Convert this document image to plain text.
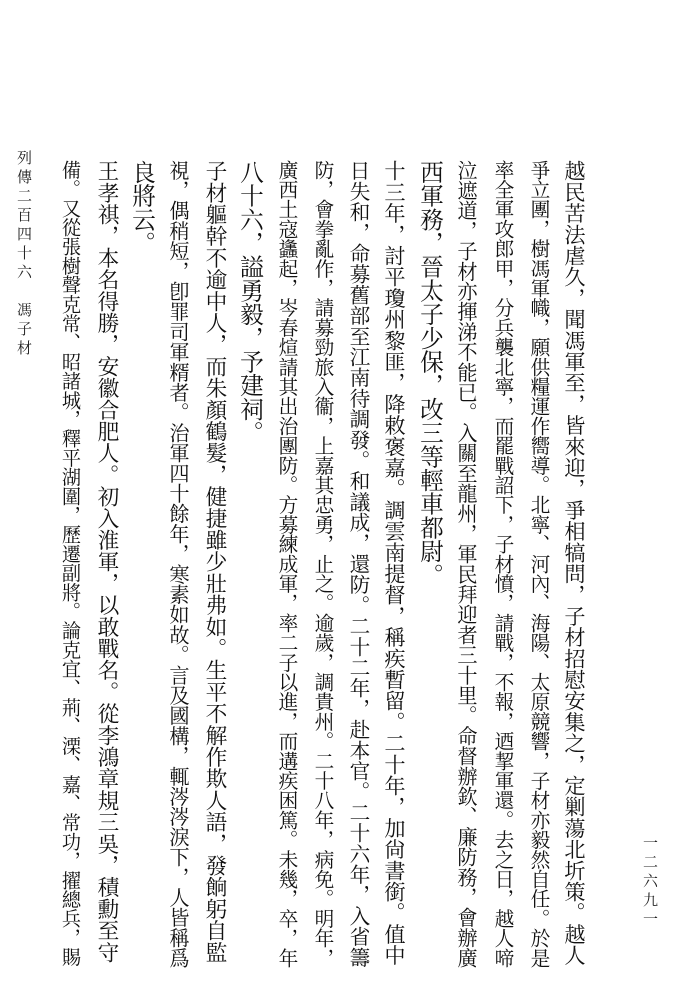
越民苦法虐久，聞馮軍至，皆來迎，爭相犒問，子材招慰安集之，定剿蕩北圻策。越人
爭立團，樹馮軍幟，願供糧運作嚮導。北寧、河內、海陽、太原競響，子材亦毅然自任。於是
率全軍攻郎甲，分兵襲北寧，而罷戰詔下，子材憤，請戰，不報，迺挈軍還。去之日，越人啼
泣遮道，子材亦揮涕不能已。入關至龍州，軍民拜迎者三十里。命督辦欽、廉防務，會辦廣
西軍務，晉太子少保，改三等輕車都尉。
十三年，討平瓊州黎匪，降敕褒嘉。調雲南提督，稱疾暫留。二十年，加尙書銜。值中
日失和，命募舊部至江南待調發。和議成，還防。二十二年，赴本官。二十六年，入省籌
防，會拳亂作，請募勁旅入衞，上嘉其忠勇，止之。逾歲，調貴州。二十八年，病免。明年，
廣西土寇蠭起，岑春煊請其出治團防。方募練成軍，率二子以進，而遘疾困篤。未幾，卒，年
八十六，謚勇毅，予建祠。
子材軀幹不逾中人，而朱顏鶴髮，健捷雖少壯弗如。生平不解作欺人語，發餉躬自監
視，偶稍短，卽罪司軍糈者。治軍四十餘年，寒素如故。言及國構，輒涔涔淚下，人皆稱爲
良將云。
王孝祺，本名得勝，安徽合肥人。初入淮軍，以敢戰名。從李鴻章規三吳，積勳至守
備。又從張樹聲克常、昭諸城，釋平湖圍，歷遷副將。論克宜、荊、溧、嘉、常功，擢總兵，賜
列傳二百四十六　馮子材
一二六九一
